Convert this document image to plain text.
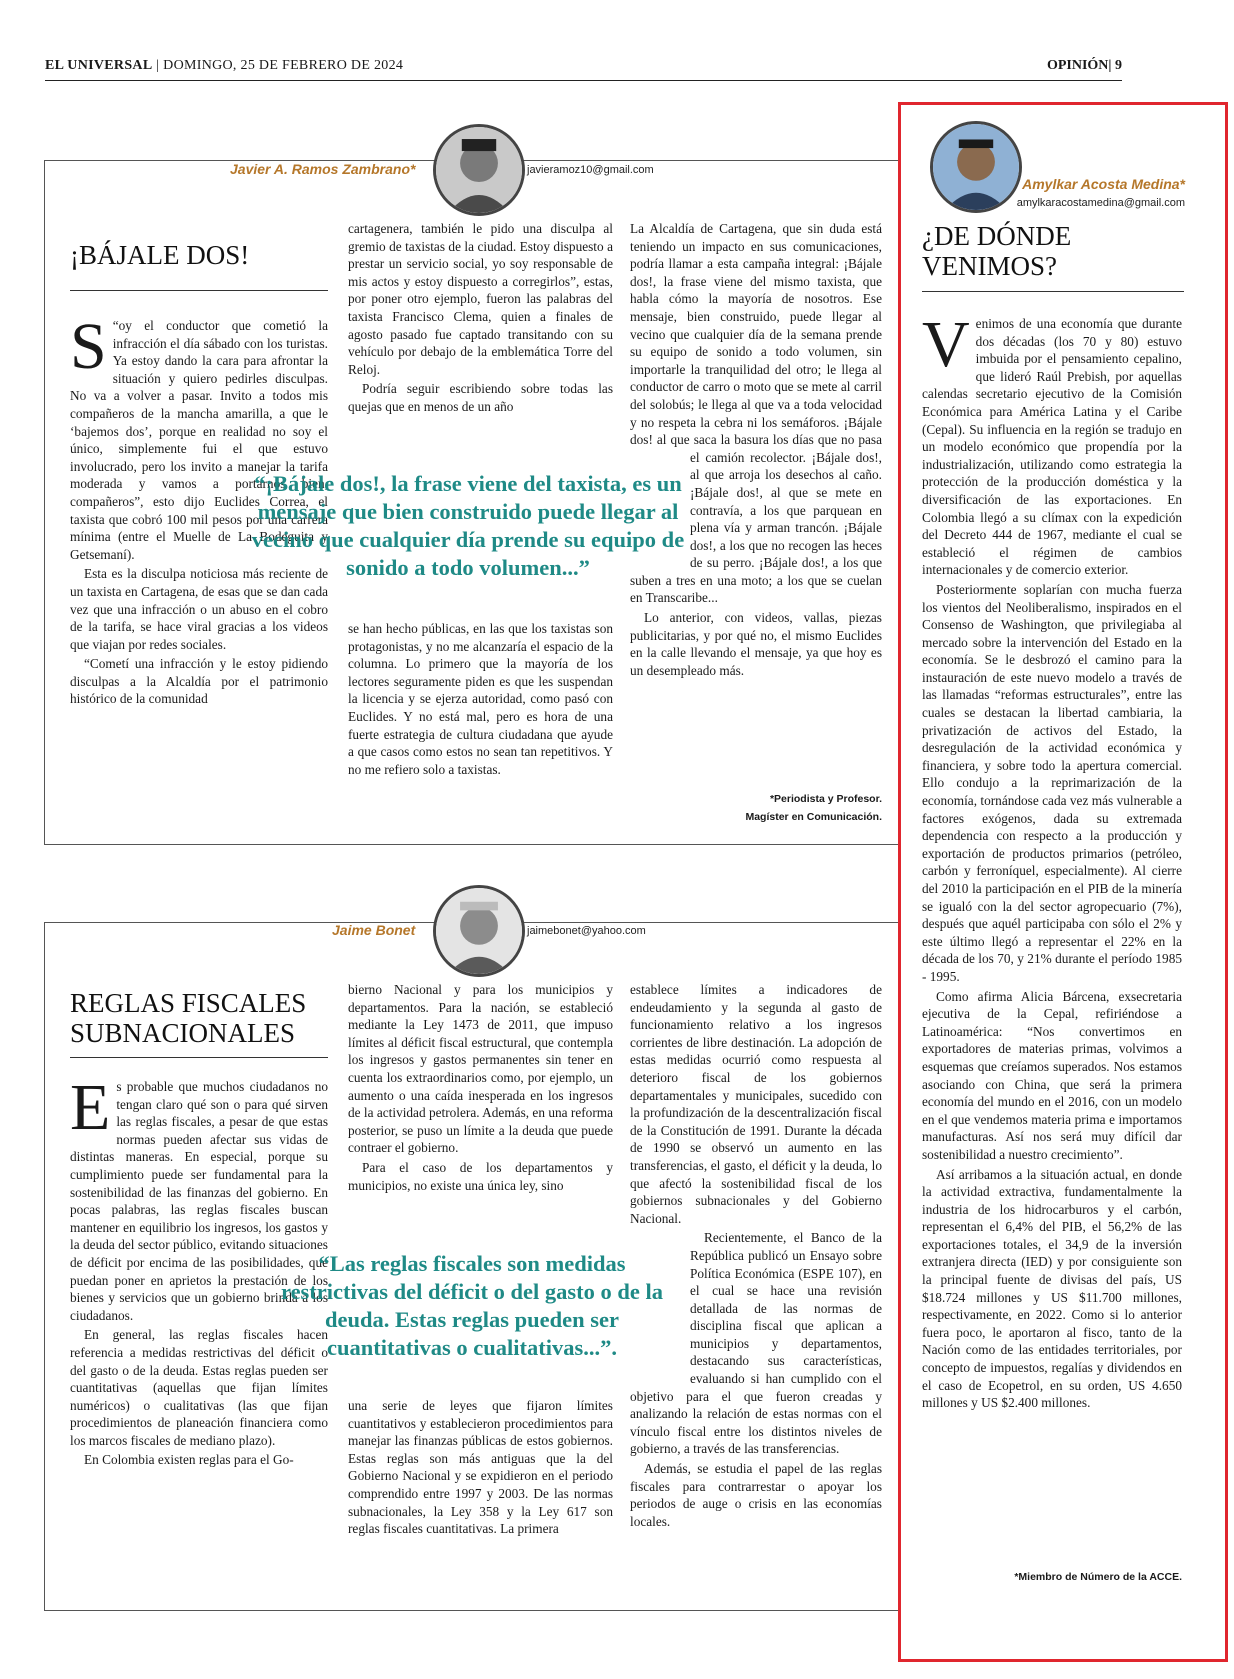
EL UNIVERSAL | DOMINGO, 25 DE FEBRERO DE 2024	OPINIÓN| 9
Javier A. Ramos Zambrano*	javieramoz10@gmail.com
¡BÁJALE DOS!
S “oy el conductor que cometió la infracción el día sábado con los turistas. Ya estoy dando la cara para afrontar la situación y quiero pedirles disculpas. No va a volver a pasar. Invito a todos mis compañeros de la mancha amarilla, a que le ‘bajemos dos’, porque en realidad no soy el único, simplemente fui el que estuvo involucrado, pero los invito a manejar la tarifa moderada y vamos a portarnos bien, compañeros”, esto dijo Euclides Correa, el taxista que cobró 100 mil pesos por una carrera mínima (entre el Muelle de La Bodeguita y Getsemaní).

Esta es la disculpa noticiosa más reciente de un taxista en Cartagena, de esas que se dan cada vez que una infracción o un abuso en el cobro de la tarifa, se hace viral gracias a los videos que viajan por redes sociales.

“Cometí una infracción y le estoy pidiendo disculpas a la Alcaldía por el patrimonio histórico de la comunidad

cartagenera, también le pido una disculpa al gremio de taxistas de la ciudad. Estoy dispuesto a prestar un servicio social, yo soy responsable de mis actos y estoy dispuesto a corregirlos”, estas, por poner otro ejemplo, fueron las palabras del taxista Francisco Clema, quien a finales de agosto pasado fue captado transitando con su vehículo por debajo de la emblemática Torre del Reloj.

Podría seguir escribiendo sobre todas las quejas que en menos de un año

se han hecho públicas, en las que los taxistas son protagonistas, y no me alcanzaría el espacio de la columna. Lo primero que la mayoría de los lectores seguramente piden es que les suspendan la licencia y se ejerza autoridad, como pasó con Euclides. Y no está mal, pero es hora de una fuerte estrategia de cultura ciudadana que ayude a que casos como estos no sean tan repetitivos. Y no me refiero solo a taxistas.

La Alcaldía de Cartagena, que sin duda está teniendo un impacto en sus comunicaciones, podría llamar a esta campaña integral: ¡Bájale dos!, la frase viene del mismo taxista, que habla cómo la mayoría de nosotros. Ese mensaje, bien construido, puede llegar al vecino que cualquier día de la semana prende su equipo de sonido a todo volumen, sin importarle la tranquilidad del otro; le llega al conductor de carro o moto que se mete al carril del solobús; le llega al que va a toda velocidad y no respeta la cebra ni los semáforos. ¡Bájale dos! al que saca la basura los días que no pasa el camión recolector. ¡Bájale dos!, al que arroja los desechos al caño. ¡Bájale dos!, al que se mete en contravía, a los que parquean en plena vía y arman trancón. ¡Bájale dos!, a los que no recogen las heces de su perro. ¡Bájale dos!, a los que suben a tres en una moto; a los que se cuelan en Transcaribe...

Lo anterior, con videos, vallas, piezas publicitarias, y por qué no, el mismo Euclides en la calle llevando el mensaje, ya que hoy es un desempleado más.

*Periodista y Profesor.
Magíster en Comunicación.
“¡Bájale dos!, la frase viene del taxista, es un mensaje que bien construido puede llegar al vecino que cualquier día prende su equipo de sonido a todo volumen...”
Jaime Bonet	jaimebonet@yahoo.com
REGLAS FISCALES SUBNACIONALES
E s probable que muchos ciudadanos no tengan claro qué son o para qué sirven las reglas fiscales, a pesar de que estas normas pueden afectar sus vidas de distintas maneras. En especial, porque su cumplimiento puede ser fundamental para la sostenibilidad de las finanzas del gobierno. En pocas palabras, las reglas fiscales buscan mantener en equilibrio los ingresos, los gastos y la deuda del sector público, evitando situaciones de déficit por encima de las posibilidades, que puedan poner en aprietos la prestación de los bienes y servicios que un gobierno brinda a los ciudadanos.

En general, las reglas fiscales hacen referencia a medidas restrictivas del déficit o del gasto o de la deuda. Estas reglas pueden ser cuantitativas (aquellas que fijan límites numéricos) o cualitativas (las que fijan procedimientos de planeación financiera como los marcos fiscales de mediano plazo).

En Colombia existen reglas para el Go-

bierno Nacional y para los municipios y departamentos. Para la nación, se estableció mediante la Ley 1473 de 2011, que impuso límites al déficit fiscal estructural, que contempla los ingresos y gastos permanentes sin tener en cuenta los extraordinarios como, por ejemplo, un aumento o una caída inesperada en los ingresos de la actividad petrolera. Además, en una reforma posterior, se puso un límite a la deuda que puede contraer el gobierno.

Para el caso de los departamentos y municipios, no existe una única ley, sino

una serie de leyes que fijaron límites cuantitativos y establecieron procedimientos para manejar las finanzas públicas de estos gobiernos. Estas reglas son más antiguas que la del Gobierno Nacional y se expidieron en el periodo comprendido entre 1997 y 2003. De las normas subnacionales, la Ley 358 y la Ley 617 son reglas fiscales cuantitativas. La primera

establece límites a indicadores de endeudamiento y la segunda al gasto de funcionamiento relativo a los ingresos corrientes de libre destinación. La adopción de estas medidas ocurrió como respuesta al deterioro fiscal de los gobiernos departamentales y municipales, sucedido con la profundización de la descentralización fiscal de la Constitución de 1991. Durante la década de 1990 se observó un aumento en las transferencias, el gasto, el déficit y la deuda, lo que afectó la sostenibilidad fiscal de los gobiernos subnacionales y del Gobierno Nacional.

Recientemente, el Banco de la República publicó un Ensayo sobre Política Económica (ESPE 107), en el cual se hace una revisión detallada de las normas de disciplina fiscal que aplican a municipios y departamentos, destacando sus características, evaluando si han cumplido con el objetivo para el que fueron creadas y analizando la relación de estas normas con el vínculo fiscal entre los distintos niveles de gobierno, a través de las transferencias.

Además, se estudia el papel de las reglas fiscales para contrarrestar o apoyar los periodos de auge o crisis en las economías locales.

“Las reglas fiscales son medidas restrictivas del déficit o del gasto o de la deuda. Estas reglas pueden ser cuantitativas o cualitativas...”.
Amylkar Acosta Medina*
amylkaracostamedina@gmail.com
¿DE DÓNDE VENIMOS?
V enimos de una economía que durante dos décadas (los 70 y 80) estuvo imbuida por el pensamiento cepalino, que lideró Raúl Prebish, por aquellas calendas secretario ejecutivo de la Comisión Económica para América Latina y el Caribe (Cepal). Su influencia en la región se tradujo en un modelo económico que propendía por la industrialización, utilizando como estrategia la protección de la producción doméstica y la diversificación de las exportaciones. En Colombia llegó a su clímax con la expedición del Decreto 444 de 1967, mediante el cual se estableció el régimen de cambios internacionales y de comercio exterior.

Posteriormente soplarían con mucha fuerza los vientos del Neoliberalismo, inspirados en el Consenso de Washington, que privilegiaba al mercado sobre la intervención del Estado en la economía. Se le desbrozó el camino para la instauración de este nuevo modelo a través de las llamadas “reformas estructurales”, entre las cuales se destacan la libertad cambiaria, la privatización de activos del Estado, la desregulación de la actividad económica y financiera, y sobre todo la apertura comercial. Ello condujo a la reprimarización de la economía, tornándose cada vez más vulnerable a factores exógenos, dada su extremada dependencia con respecto a la producción y exportación de productos primarios (petróleo, carbón y ferroníquel, especialmente). Al cierre del 2010 la participación en el PIB de la minería se igualó con la del sector agropecuario (7%), después que aquél participaba con sólo el 2% y este último llegó a representar el 22% en la década de los 70, y 21% durante el período 1985 - 1995.

Como afirma Alicia Bárcena, exsecretaria ejecutiva de la Cepal, refiriéndose a Latinoamérica: “Nos convertimos en exportadores de materias primas, volvimos a esquemas que creíamos superados. Nos estamos asociando con China, que será la primera economía del mundo en el 2016, con un modelo en el que vendemos materia prima e importamos manufacturas. Así nos será muy difícil dar sostenibilidad a nuestro crecimiento”.

Así arribamos a la situación actual, en donde la actividad extractiva, fundamentalmente la industria de los hidrocarburos y el carbón, representan el 6,4% del PIB, el 56,2% de las exportaciones totales, el 34,9 de la inversión extranjera directa (IED) y por consiguiente son la principal fuente de divisas del país, US $18.724 millones y US $11.700 millones, respectivamente, en 2022. Como si lo anterior fuera poco, le aportaron al fisco, tanto de la Nación como de las entidades territoriales, por concepto de impuestos, regalías y dividendos en el caso de Ecopetrol, en su orden, US 4.650 millones y US $2.400 millones.

*Miembro de Número de la ACCE.
